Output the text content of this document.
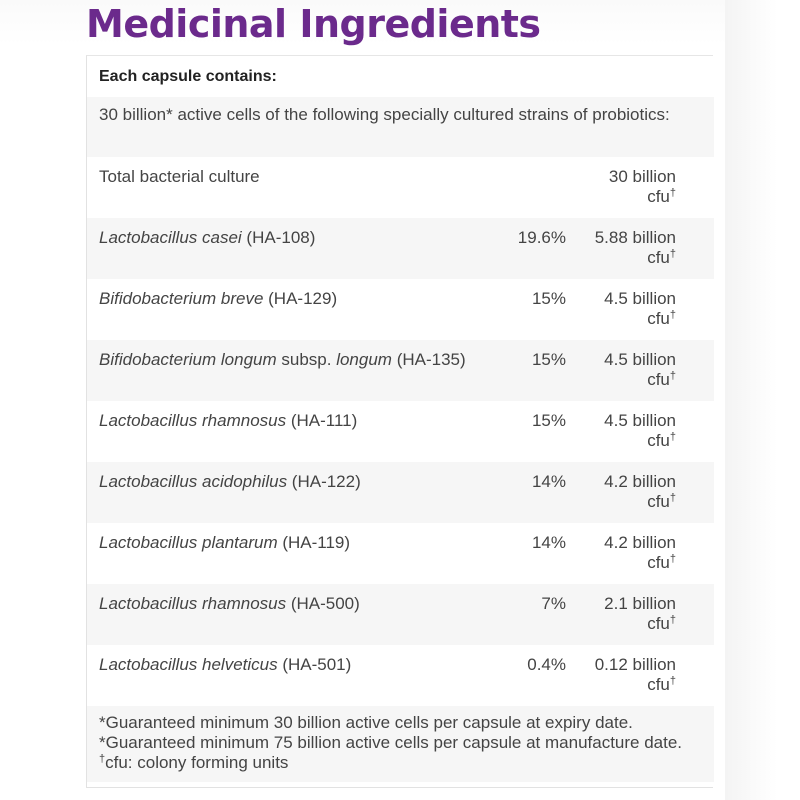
Medicinal Ingredients
Each capsule contains:
30 billion* active cells of the following specially cultured strains of probiotics:
Total bacterial culture		30 billion
cfu†

Lactobacillus casei (HA-108)	19.6%	5.88 billion
cfu†

Bifidobacterium breve (HA-129)	15%	4.5 billion
cfu†

Bifidobacterium longum subsp. longum (HA-135)	15%	4.5 billion
cfu†

Lactobacillus rhamnosus (HA-111)	15%	4.5 billion
cfu†

Lactobacillus acidophilus (HA-122)	14%	4.2 billion
cfu†

Lactobacillus plantarum (HA-119)	14%	4.2 billion
cfu†

Lactobacillus rhamnosus (HA-500)	7%	2.1 billion
cfu†

Lactobacillus helveticus (HA-501)	0.4%	0.12 billion
cfu†
*Guaranteed minimum 30 billion active cells per capsule at expiry date. *Guaranteed minimum 75 billion active cells per capsule at manufacture date. †cfu: colony forming units
